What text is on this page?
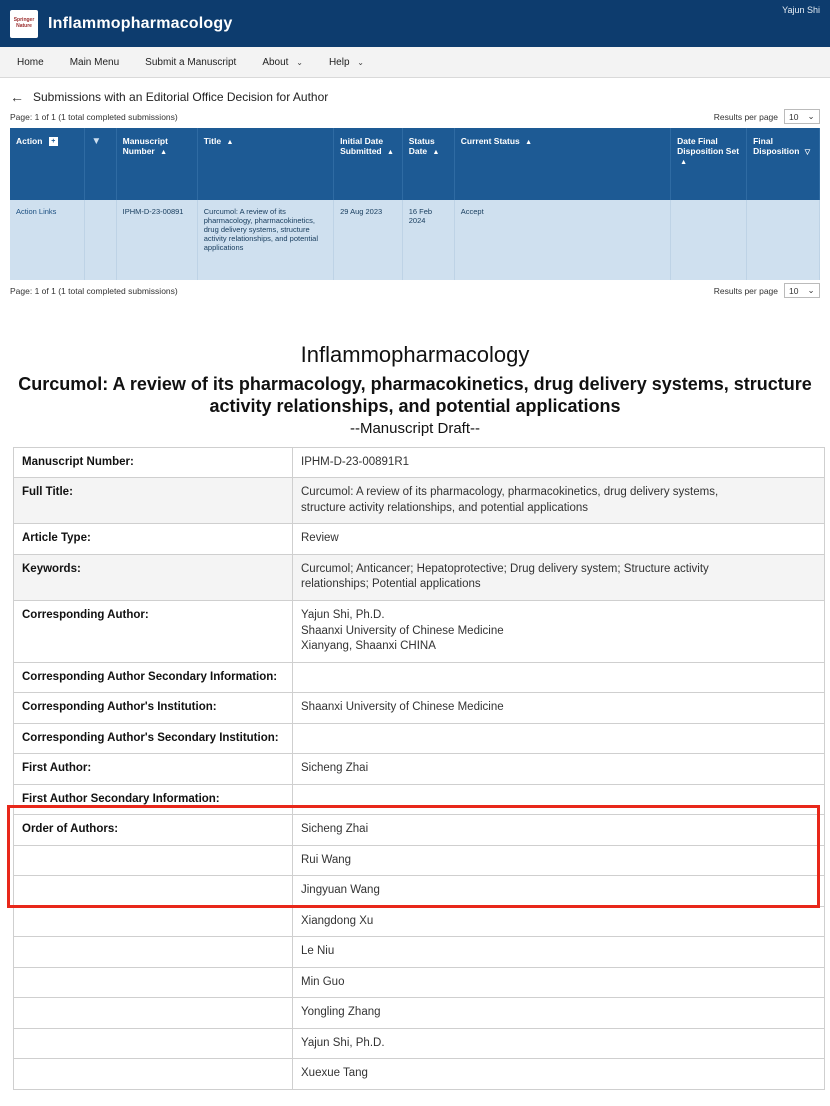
Springer Nature	Inflammopharmacology
Yajun Shi
Home	Main Menu	Submit a Manuscript	About ⌄	Help ⌄
← Submissions with an Editorial Office Decision for Author
Page: 1 of 1 (1 total completed submissions)	Results per page 10 ⌄
Action +	▼	Manuscript Number ▲	Title ▲	Initial Date Submitted ▲	Status Date ▲	Current Status ▲	Date Final Disposition Set ▲	Final Disposition ▽
Action Links		IPHM-D-23-00891	Curcumol: A review of its pharmacology, pharmacokinetics, drug delivery systems, structure activity relationships, and potential applications	29 Aug 2023	16 Feb 2024	Accept		
Page: 1 of 1 (1 total completed submissions)	Results per page 10 ⌄
Inflammopharmacology
Curcumol: A review of its pharmacology, pharmacokinetics, drug delivery systems, structure activity relationships, and potential applications
--Manuscript Draft--
Manuscript Number:	IPHM-D-23-00891R1

Full Title:	Curcumol: A review of its pharmacology, pharmacokinetics, drug delivery systems,
structure activity relationships, and potential applications

Article Type:	Review

Keywords:	Curcumol; Anticancer; Hepatoprotective; Drug delivery system; Structure activity
relationships; Potential applications

Corresponding Author:	Yajun Shi, Ph.D.
Shaanxi University of Chinese Medicine
Xianyang, Shaanxi CHINA

Corresponding Author Secondary Information:	

Corresponding Author's Institution:	Shaanxi University of Chinese Medicine

Corresponding Author's Secondary Institution:	

First Author:	Sicheng Zhai

First Author Secondary Information:	

Order of Authors:	Sicheng Zhai

	Rui Wang
	Jingyuan Wang
	Xiangdong Xu
	Le Niu
	Min Guo
	Yongling Zhang
	Yajun Shi, Ph.D.
	Xuexue Tang
